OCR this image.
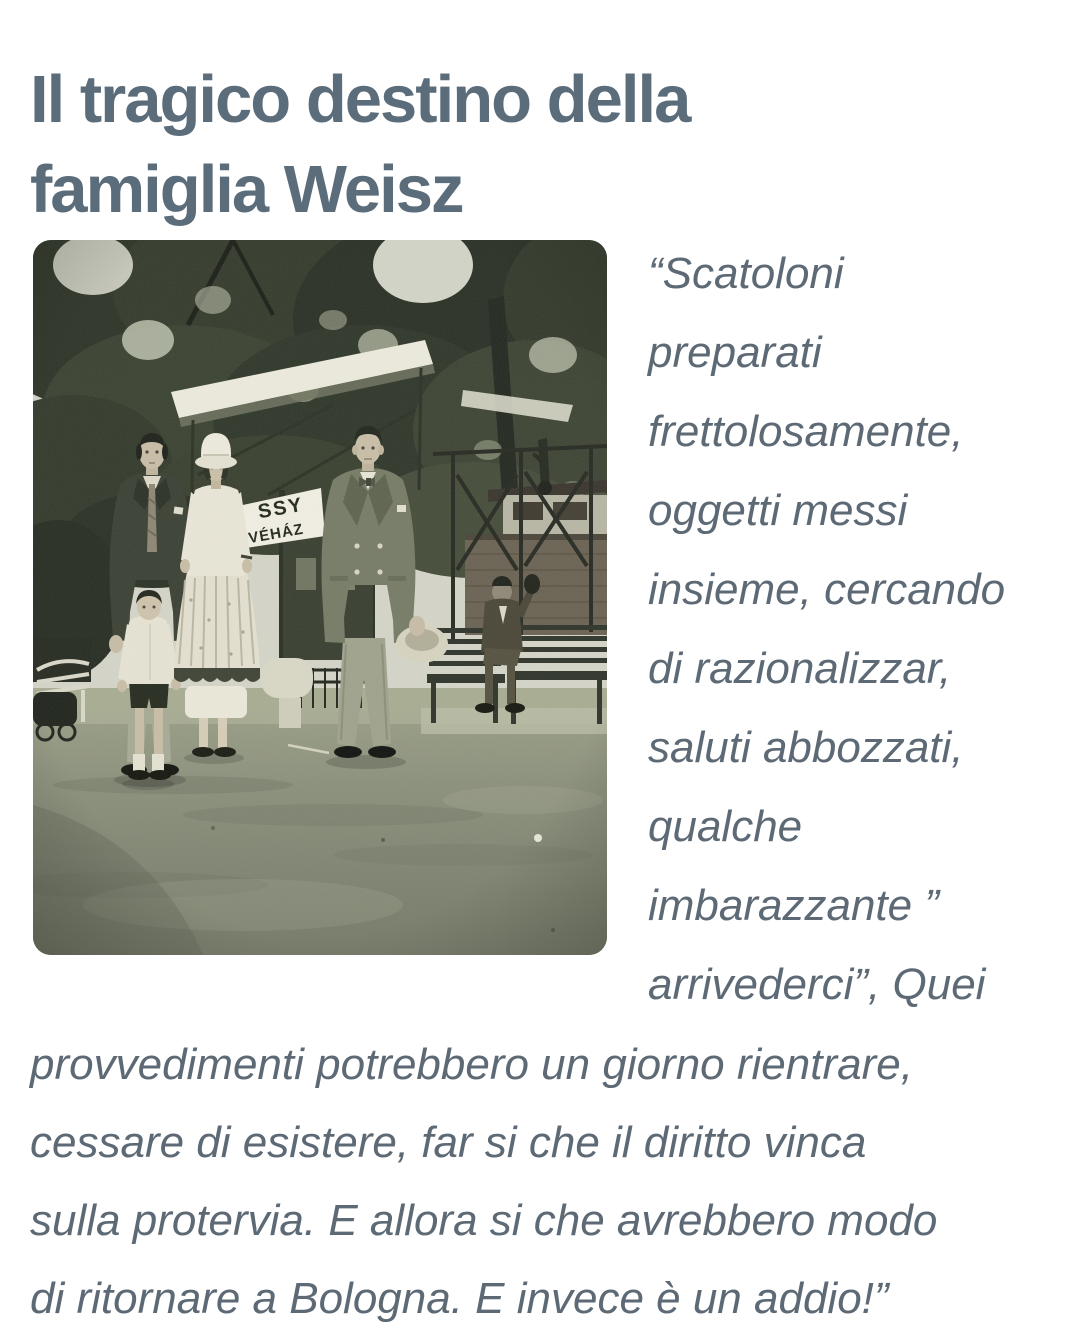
Il tragico destino della
famiglia Weisz
“Scatoloni
preparati
frettolosamente,
oggetti messi
insieme, cercando
di razionalizzar,
saluti abbozzati,
qualche
imbarazzante ”
arrivederci”, Quei
provvedimenti potrebbero un giorno rientrare,
cessare di esistere, far si che il diritto vinca
sulla protervia. E allora si che avrebbero modo
di ritornare a Bologna. E invece è un addio!”
